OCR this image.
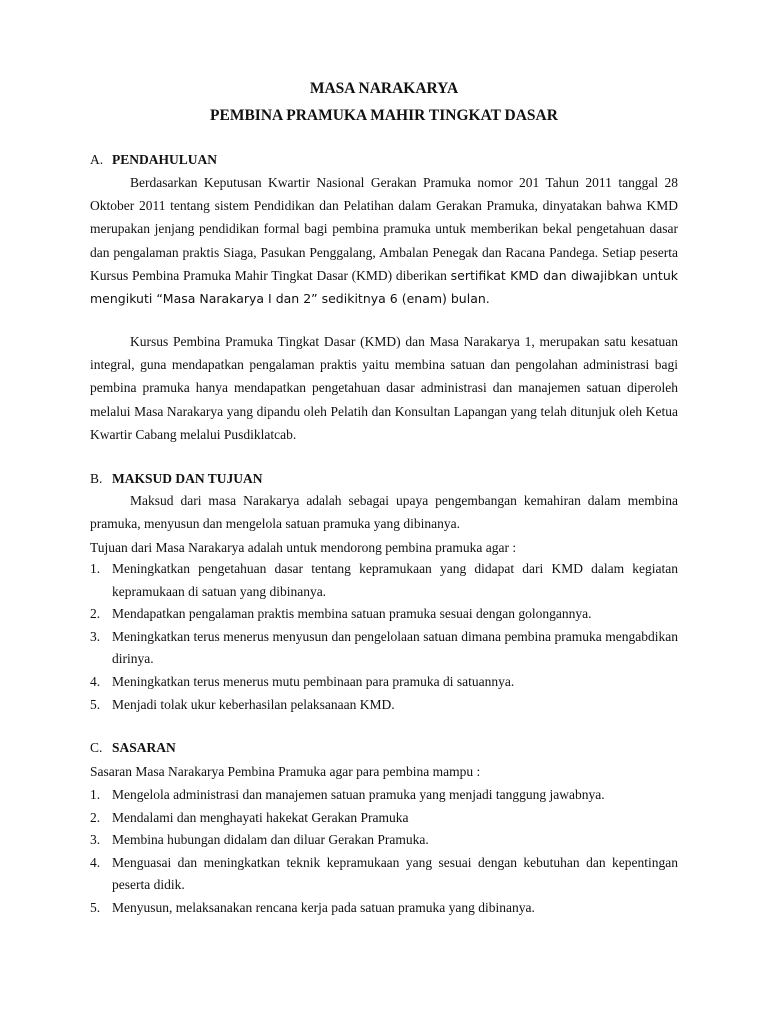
MASA NARAKARYA
PEMBINA PRAMUKA MAHIR TINGKAT DASAR
A. PENDAHULUAN

Berdasarkan Keputusan Kwartir Nasional Gerakan Pramuka nomor 201 Tahun 2011 tanggal 28 Oktober 2011 tentang sistem Pendidikan dan Pelatihan dalam Gerakan Pramuka, dinyatakan bahwa KMD merupakan jenjang pendidikan formal bagi pembina pramuka untuk memberikan bekal pengetahuan dasar dan pengalaman praktis Siaga, Pasukan Penggalang, Ambalan Penegak dan Racana Pandega. Setiap peserta Kursus Pembina Pramuka Mahir Tingkat Dasar (KMD) diberikan sertifikat KMD dan diwajibkan untuk mengikuti “Masa Narakarya I dan 2” sedikitnya 6 (enam) bulan.

Kursus Pembina Pramuka Tingkat Dasar (KMD) dan Masa Narakarya 1, merupakan satu kesatuan integral, guna mendapatkan pengalaman praktis yaitu membina satuan dan pengolahan administrasi bagi pembina pramuka hanya mendapatkan pengetahuan dasar administrasi dan manajemen satuan diperoleh melalui Masa Narakarya yang dipandu oleh Pelatih dan Konsultan Lapangan yang telah ditunjuk oleh Ketua Kwartir Cabang melalui Pusdiklatcab.

B. MAKSUD DAN TUJUAN

Maksud dari masa Narakarya adalah sebagai upaya pengembangan kemahiran dalam membina pramuka, menyusun dan mengelola satuan pramuka yang dibinanya.

Tujuan dari Masa Narakarya adalah untuk mendorong pembina pramuka agar :

1. Meningkatkan pengetahuan dasar tentang kepramukaan yang didapat dari KMD dalam kegiatan kepramukaan di satuan yang dibinanya.
2. Mendapatkan pengalaman praktis membina satuan pramuka sesuai dengan golongannya.
3. Meningkatkan terus menerus menyusun dan pengelolaan satuan dimana pembina pramuka mengabdikan dirinya.
4. Meningkatkan terus menerus mutu pembinaan para pramuka di satuannya.
5. Menjadi tolak ukur keberhasilan pelaksanaan KMD.
C. SASARAN

Sasaran Masa Narakarya Pembina Pramuka agar para pembina mampu :

1. Mengelola administrasi dan manajemen satuan pramuka yang menjadi tanggung jawabnya.
2. Mendalami dan menghayati hakekat Gerakan Pramuka
3. Membina hubungan didalam dan diluar Gerakan Pramuka.
4. Menguasai dan meningkatkan teknik kepramukaan yang sesuai dengan kebutuhan dan kepentingan peserta didik.
5. Menyusun, melaksanakan rencana kerja pada satuan pramuka yang dibinanya.
